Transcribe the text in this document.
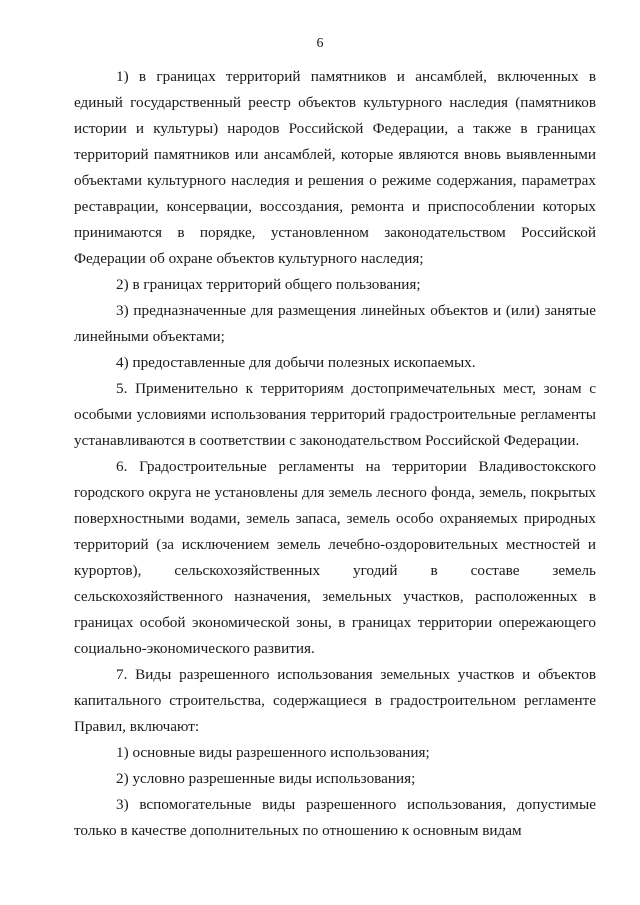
6

1) в границах территорий памятников и ансамблей, включенных в единый государственный реестр объектов культурного наследия (памятников истории и культуры) народов Российской Федерации, а также в границах территорий памятников или ансамблей, которые являются вновь выявленными объектами культурного наследия и решения о режиме содержания, параметрах реставрации, консервации, воссоздания, ремонта и приспособлении которых принимаются в порядке, установленном законодательством Российской Федерации об охране объектов культурного наследия;

2) в границах территорий общего пользования;

3) предназначенные для размещения линейных объектов и (или) занятые линейными объектами;

4) предоставленные для добычи полезных ископаемых.

5. Применительно к территориям достопримечательных мест, зонам с особыми условиями использования территорий градостроительные регламенты устанавливаются в соответствии с законодательством Российской Федерации.

6. Градостроительные регламенты на территории Владивостокского городского округа не установлены для земель лесного фонда, земель, покрытых поверхностными водами, земель запаса, земель особо охраняемых природных территорий (за исключением земель лечебно-оздоровительных местностей и курортов), сельскохозяйственных угодий в составе земель сельскохозяйственного назначения, земельных участков, расположенных в границах особой экономической зоны, в границах территории опережающего социально-экономического развития.

7. Виды разрешенного использования земельных участков и объектов капитального строительства, содержащиеся в градостроительном регламенте Правил, включают:

1) основные виды разрешенного использования;

2) условно разрешенные виды использования;

3) вспомогательные виды разрешенного использования, допустимые только в качестве дополнительных по отношению к основным видам
